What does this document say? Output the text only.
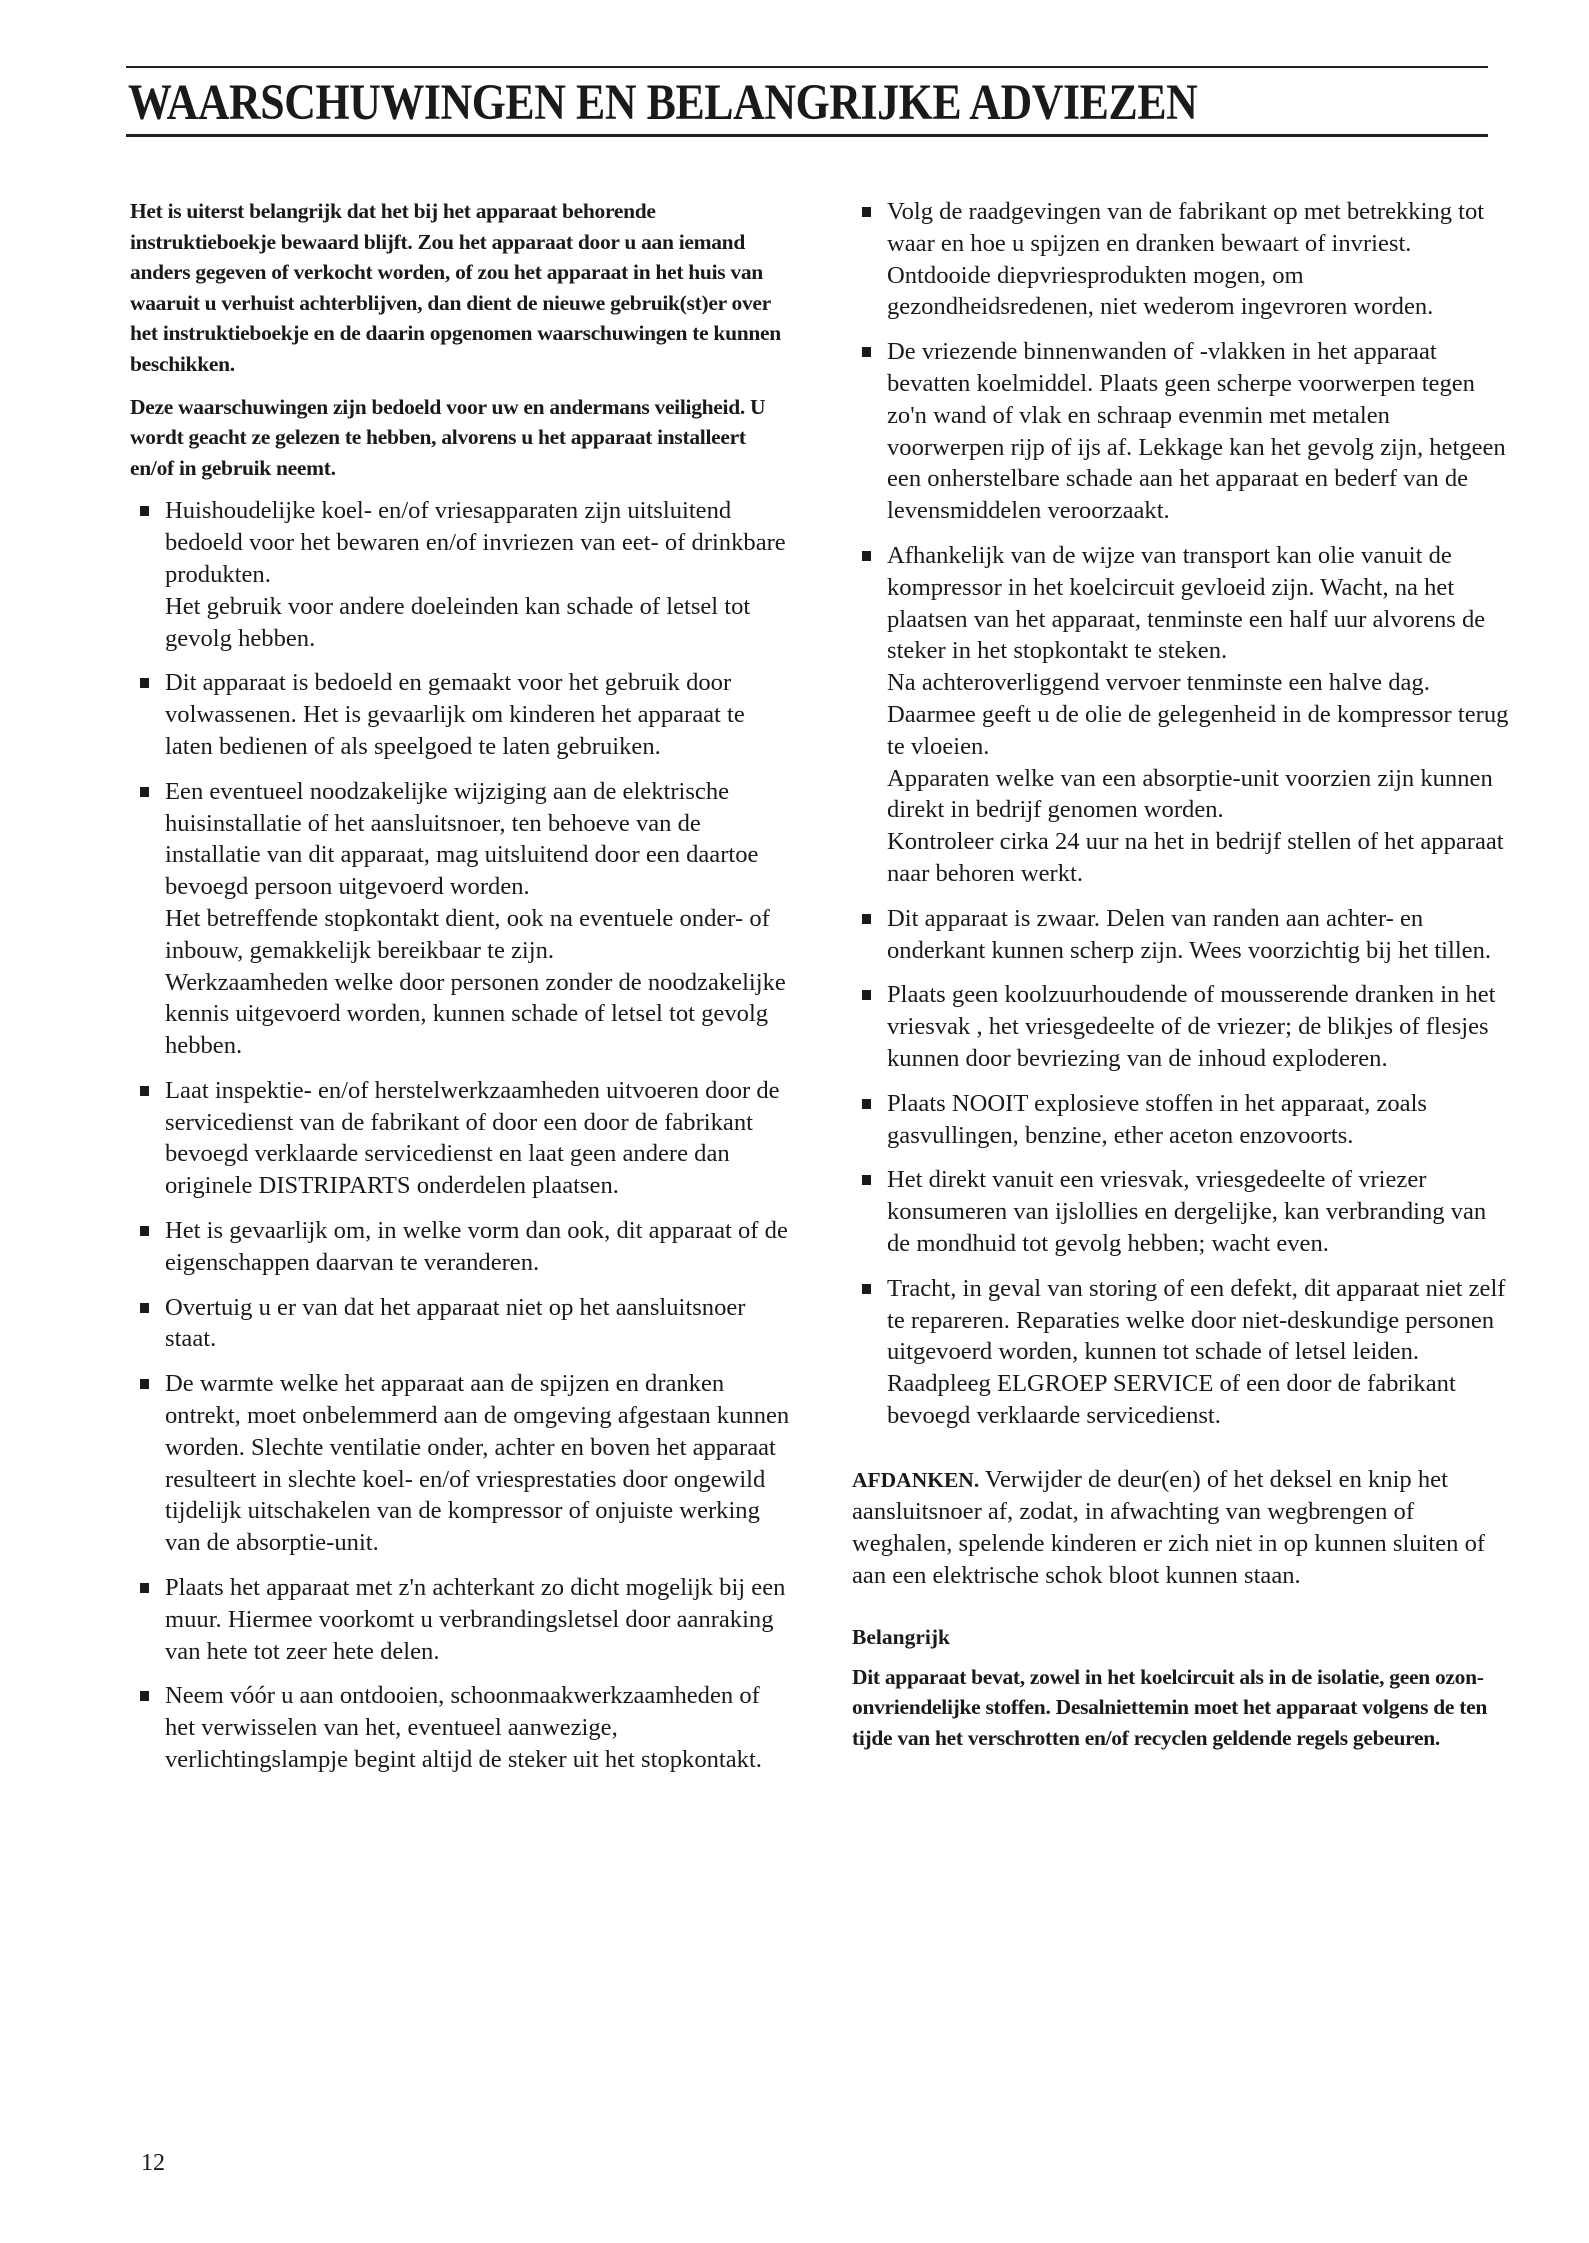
WAARSCHUWINGEN EN BELANGRIJKE ADVIEZEN

Het is uiterst belangrijk dat het bij het apparaat behorende instruktieboekje bewaard blijft. Zou het apparaat door u aan iemand anders gegeven of verkocht worden, of zou het apparaat in het huis van waaruit u verhuist achterblijven, dan dient de nieuwe gebruik(st)er over het instruktieboekje en de daarin opgenomen waarschuwingen te kunnen beschikken.

Deze waarschuwingen zijn bedoeld voor uw en andermans veiligheid. U wordt geacht ze gelezen te hebben, alvorens u het apparaat installeert en/of in gebruik neemt.

Huishoudelijke koel- en/of vriesapparaten zijn uitsluitend bedoeld voor het bewaren en/of invriezen van eet- of drinkbare produkten.
Het gebruik voor andere doeleinden kan schade of letsel tot gevolg hebben.
Dit apparaat is bedoeld en gemaakt voor het gebruik door volwassenen. Het is gevaarlijk om kinderen het apparaat te laten bedienen of als speelgoed te laten gebruiken.
Een eventueel noodzakelijke wijziging aan de elektrische huisinstallatie of het aansluitsnoer, ten behoeve van de installatie van dit apparaat, mag uitsluitend door een daartoe bevoegd persoon uitgevoerd worden.
Het betreffende stopkontakt dient, ook na eventuele onder- of inbouw, gemakkelijk bereikbaar te zijn.
Werkzaamheden welke door personen zonder de noodzakelijke kennis uitgevoerd worden, kunnen schade of letsel tot gevolg hebben.
Laat inspektie- en/of herstelwerkzaamheden uitvoeren door de servicedienst van de fabrikant of door een door de fabrikant bevoegd verklaarde servicedienst en laat geen andere dan originele DISTRIPARTS onderdelen plaatsen.
Het is gevaarlijk om, in welke vorm dan ook, dit apparaat of de eigenschappen daarvan te veranderen.
Overtuig u er van dat het apparaat niet op het aansluitsnoer staat.
De warmte welke het apparaat aan de spijzen en dranken ontrekt, moet onbelemmerd aan de omgeving afgestaan kunnen worden. Slechte ventilatie onder, achter en boven het apparaat resulteert in slechte koel- en/of vriesprestaties door ongewild tijdelijk uitschakelen van de kompressor of onjuiste werking van de absorptie-unit.
Plaats het apparaat met z'n achterkant zo dicht mogelijk bij een muur. Hiermee voorkomt u verbrandingsletsel door aanraking van hete tot zeer hete delen.
Neem vóór u aan ontdooien, schoonmaakwerkzaamheden of het verwisselen van het, eventueel aanwezige, verlichtingslampje begint altijd de steker uit het stopkontakt.
Volg de raadgevingen van de fabrikant op met betrekking tot waar en hoe u spijzen en dranken bewaart of invriest.
Ontdooide diepvriesprodukten mogen, om gezondheidsredenen, niet wederom ingevroren worden.
De vriezende binnenwanden of -vlakken in het apparaat bevatten koelmiddel. Plaats geen scherpe voorwerpen tegen zo'n wand of vlak en schraap evenmin met metalen voorwerpen rijp of ijs af. Lekkage kan het gevolg zijn, hetgeen een onherstelbare schade aan het apparaat en bederf van de levensmiddelen veroorzaakt.
Afhankelijk van de wijze van transport kan olie vanuit de kompressor in het koelcircuit gevloeid zijn. Wacht, na het plaatsen van het apparaat, tenminste een half uur alvorens de steker in het stopkontakt te steken.
Na achteroverliggend vervoer tenminste een halve dag. Daarmee geeft u de olie de gelegenheid in de kompressor terug te vloeien.
Apparaten welke van een absorptie-unit voorzien zijn kunnen direkt in bedrijf genomen worden.
Kontroleer cirka 24 uur na het in bedrijf stellen of het apparaat naar behoren werkt.
Dit apparaat is zwaar. Delen van randen aan achter- en onderkant kunnen scherp zijn. Wees voorzichtig bij het tillen.
Plaats geen koolzuurhoudende of mousserende dranken in het vriesvak , het vriesgedeelte of de vriezer; de blikjes of flesjes kunnen door bevriezing van de inhoud exploderen.
Plaats NOOIT explosieve stoffen in het apparaat, zoals gasvullingen, benzine, ether aceton enzovoorts.
Het direkt vanuit een vriesvak, vriesgedeelte of vriezer konsumeren van ijslollies en dergelijke, kan verbranding van de mondhuid tot gevolg hebben; wacht even.
Tracht, in geval van storing of een defekt, dit apparaat niet zelf te repareren. Reparaties welke door niet-deskundige personen uitgevoerd worden, kunnen tot schade of letsel leiden.
Raadpleeg ELGROEP SERVICE of een door de fabrikant bevoegd verklaarde servicedienst.

AFDANKEN. Verwijder de deur(en) of het deksel en knip het aansluitsnoer af, zodat, in afwachting van wegbrengen of weghalen, spelende kinderen er zich niet in op kunnen sluiten of aan een elektrische schok bloot kunnen staan.

Belangrijk

Dit apparaat bevat, zowel in het koelcircuit als in de isolatie, geen ozon-onvriendelijke stoffen. Desalniettemin moet het apparaat volgens de ten tijde van het verschrotten en/of recyclen geldende regels gebeuren.

12
